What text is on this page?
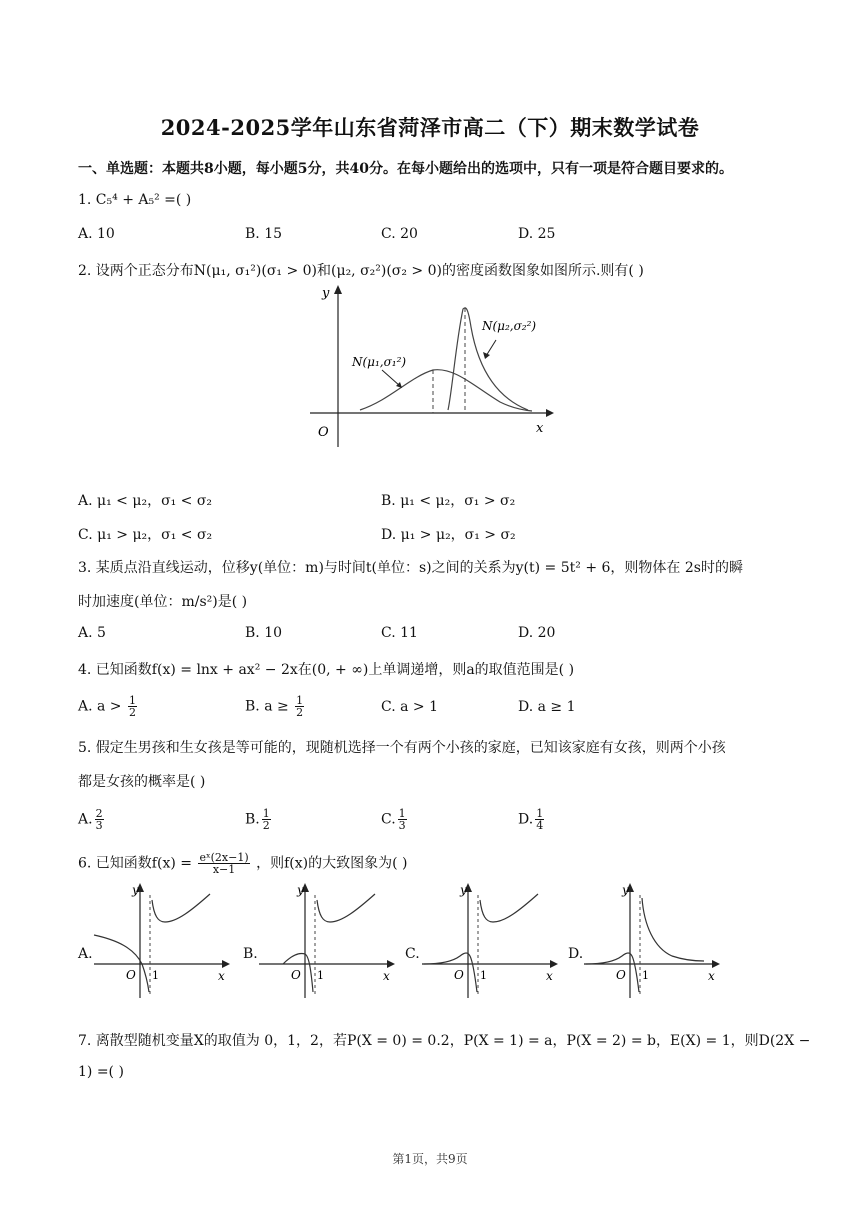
2024-2025学年山东省菏泽市高二（下）期末数学试卷
一、单选题：本题共8小题，每小题5分，共40分。在每小题给出的选项中，只有一项是符合题目要求的。
1. C₅⁴ + A₅² =( )
A. 10	B. 15	C. 20	D. 25
2. 设两个正态分布N(μ₁, σ₁²)(σ₁ > 0)和(μ₂, σ₂²)(σ₂ > 0)的密度函数图象如图所示.则有( )
y
x
O
N(μ₁,σ₁²)
N(μ₂,σ₂²)
A. μ₁ < μ₂，σ₁ < σ₂	B. μ₁ < μ₂，σ₁ > σ₂
C. μ₁ > μ₂，σ₁ < σ₂	D. μ₁ > μ₂，σ₁ > σ₂
3. 某质点沿直线运动，位移y(单位：m)与时间t(单位：s)之间的关系为y(t) = 5t² + 6，则物体在 2s时的瞬
时加速度(单位：m/s²)是( )
A. 5	B. 10	C. 11	D. 20
4. 已知函数f(x) = lnx + ax² − 2x在(0, + ∞)上单调递增，则a的取值范围是( )
A. $a > \frac{1}{2}$	B. $a \ge \frac{1}{2}$	C. a > 1	D. a ≥ 1
5. 假定生男孩和生女孩是等可能的，现随机选择一个有两个小孩的家庭，已知该家庭有女孩，则两个小孩
都是女孩的概率是( )
A. $\frac{2}{3}$	B. $\frac{1}{2}$	C. $\frac{1}{3}$	D. $\frac{1}{4}$
6. 已知函数$f(x) = \frac{\text{eˣ(2x−1)}}{x-1}$ ，则f(x)的大致图象为( )
A.	B.	C.	D.
y
x
O 1
y
x
O 1
y
x
O 1
y
x
O 1
7. 离散型随机变量X的取值为 0，1，2，若P(X = 0) = 0.2，P(X = 1) = a，P(X = 2) = b，E(X) = 1，则D(2X −
1) =( )
第1页，共9页
